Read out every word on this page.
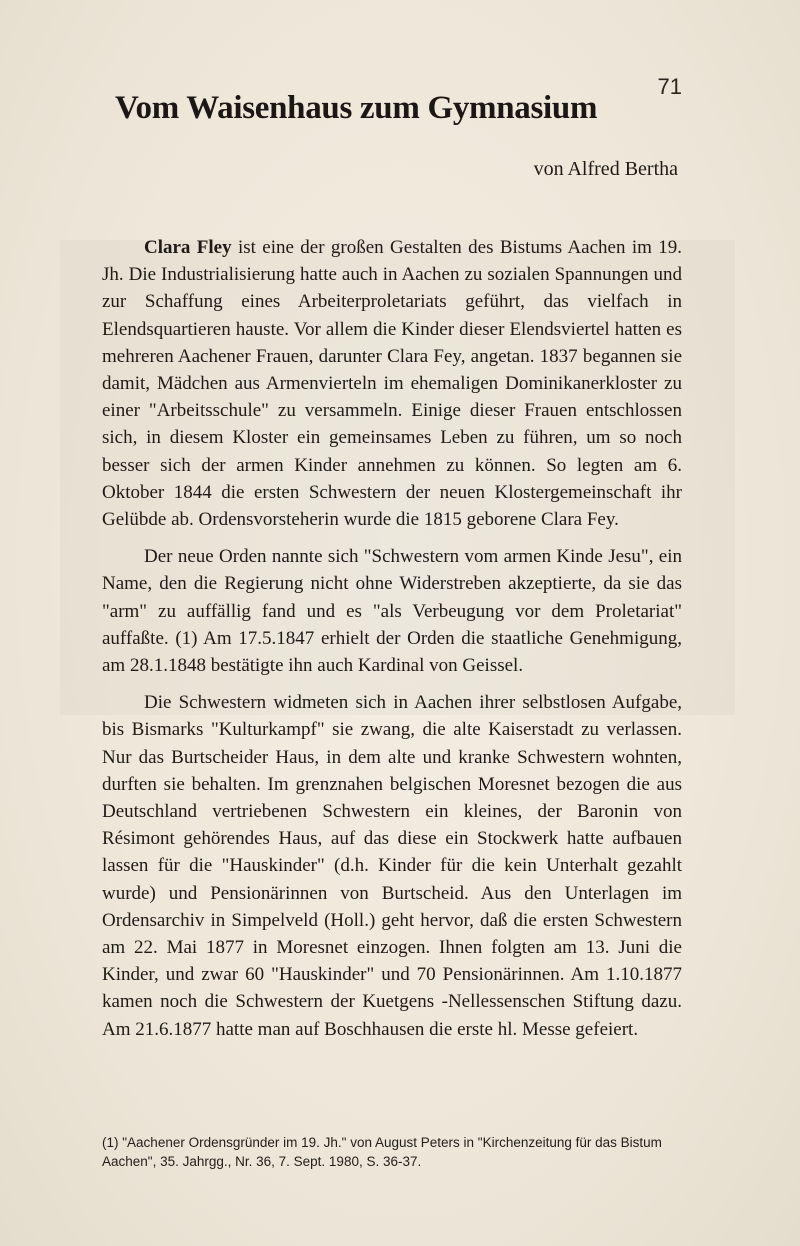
71
Vom Waisenhaus zum Gymnasium

von Alfred Bertha

Clara Fley ist eine der großen Gestalten des Bistums Aachen im 19. Jh. Die Industrialisierung hatte auch in Aachen zu sozialen Spannungen und zur Schaffung eines Arbeiterproletariats geführt, das vielfach in Elendsquartieren hauste. Vor allem die Kinder dieser Elendsviertel hatten es mehreren Aachener Frauen, darunter Clara Fey, angetan. 1837 begannen sie damit, Mädchen aus Armenvierteln im ehemaligen Dominikanerkloster zu einer "Arbeitsschule" zu versammeln. Einige dieser Frauen entschlossen sich, in diesem Kloster ein gemeinsames Leben zu führen, um so noch besser sich der armen Kinder annehmen zu können. So legten am 6. Oktober 1844 die ersten Schwestern der neuen Klostergemeinschaft ihr Gelübde ab. Ordensvorsteherin wurde die 1815 geborene Clara Fey.

Der neue Orden nannte sich "Schwestern vom armen Kinde Jesu", ein Name, den die Regierung nicht ohne Widerstreben akzeptierte, da sie das "arm" zu auffällig fand und es "als Verbeugung vor dem Proletariat" auffaßte. (1) Am 17.5.1847 erhielt der Orden die staatliche Genehmigung, am 28.1.1848 bestätigte ihn auch Kardinal von Geissel.

Die Schwestern widmeten sich in Aachen ihrer selbstlosen Aufgabe, bis Bismarks "Kulturkampf" sie zwang, die alte Kaiserstadt zu verlassen. Nur das Burtscheider Haus, in dem alte und kranke Schwestern wohnten, durften sie behalten. Im grenznahen belgischen Moresnet bezogen die aus Deutschland vertriebenen Schwestern ein kleines, der Baronin von Résimont gehörendes Haus, auf das diese ein Stockwerk hatte aufbauen lassen für die "Hauskinder" (d.h. Kinder für die kein Unterhalt gezahlt wurde) und Pensionärinnen von Burtscheid. Aus den Unterlagen im Ordensarchiv in Simpelveld (Holl.) geht hervor, daß die ersten Schwestern am 22. Mai 1877 in Moresnet einzogen. Ihnen folgten am 13. Juni die Kinder, und zwar 60 "Hauskinder" und 70 Pensionärinnen. Am 1.10.1877 kamen noch die Schwestern der Kuetgens -Nellessenschen Stiftung dazu. Am 21.6.1877 hatte man auf Boschhausen die erste hl. Messe gefeiert.

(1) "Aachener Ordensgründer im 19. Jh." von August Peters in "Kirchenzeitung für das Bistum Aachen", 35. Jahrgg., Nr. 36, 7. Sept. 1980, S. 36-37.
